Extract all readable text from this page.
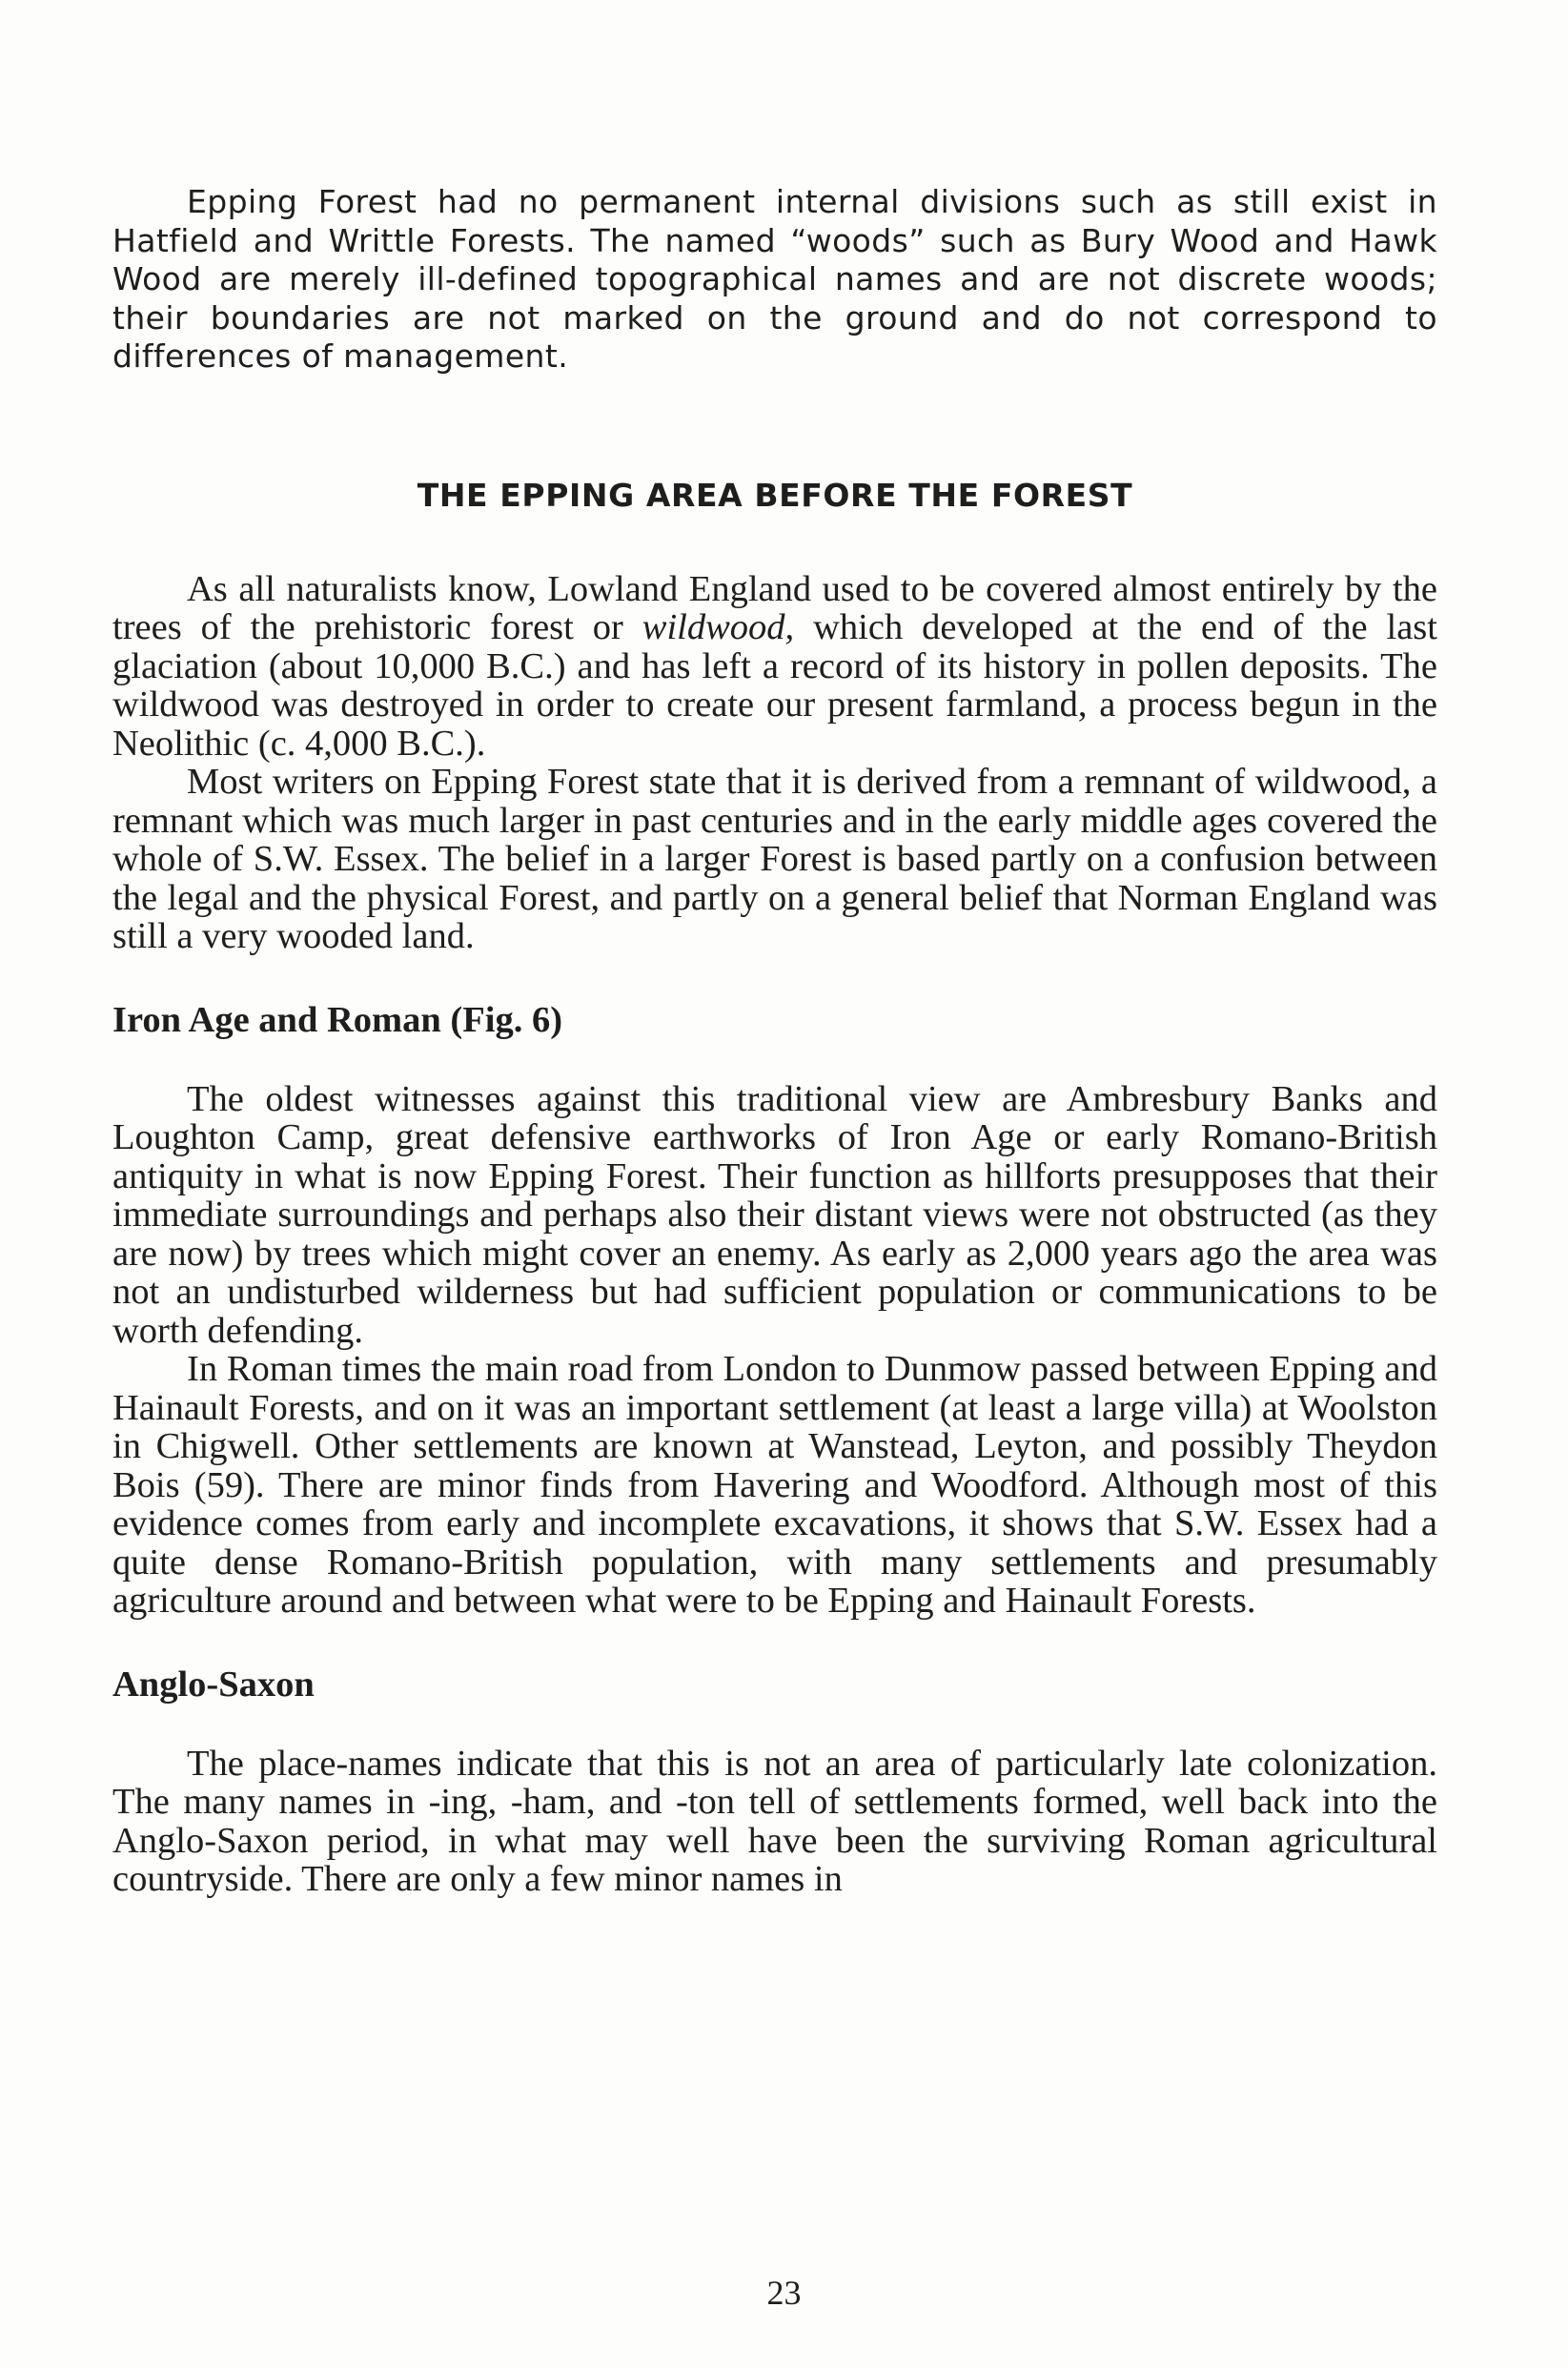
Epping Forest had no permanent internal divisions such as still exist in Hatfield and Writtle Forests. The named “woods” such as Bury Wood and Hawk Wood are merely ill-defined topographical names and are not discrete woods; their boundaries are not marked on the ground and do not correspond to differences of management.

THE EPPING AREA BEFORE THE FOREST

As all naturalists know, Lowland England used to be covered almost entirely by the trees of the prehistoric forest or wildwood, which developed at the end of the last glaciation (about 10,000 B.C.) and has left a record of its history in pollen deposits. The wildwood was destroyed in order to create our present farmland, a process begun in the Neolithic (c. 4,000 B.C.).

Most writers on Epping Forest state that it is derived from a remnant of wildwood, a remnant which was much larger in past centuries and in the early middle ages covered the whole of S.W. Essex. The belief in a larger Forest is based partly on a confusion between the legal and the physical Forest, and partly on a general belief that Norman England was still a very wooded land.

Iron Age and Roman (Fig. 6)

The oldest witnesses against this traditional view are Ambresbury Banks and Loughton Camp, great defensive earthworks of Iron Age or early Romano-British antiquity in what is now Epping Forest. Their function as hillforts presupposes that their immediate surroundings and perhaps also their distant views were not obstructed (as they are now) by trees which might cover an enemy. As early as 2,000 years ago the area was not an undisturbed wilderness but had sufficient population or communications to be worth defending.

In Roman times the main road from London to Dunmow passed between Epping and Hainault Forests, and on it was an important settlement (at least a large villa) at Woolston in Chigwell. Other settlements are known at Wanstead, Leyton, and possibly Theydon Bois (59). There are minor finds from Havering and Woodford. Although most of this evidence comes from early and incomplete excavations, it shows that S.W. Essex had a quite dense Romano-British population, with many settlements and presumably agriculture around and between what were to be Epping and Hainault Forests.

Anglo-Saxon

The place-names indicate that this is not an area of particularly late colonization. The many names in -ing, -ham, and -ton tell of settlements formed, well back into the Anglo-Saxon period, in what may well have been the surviving Roman agricultural countryside. There are only a few minor names in

23
